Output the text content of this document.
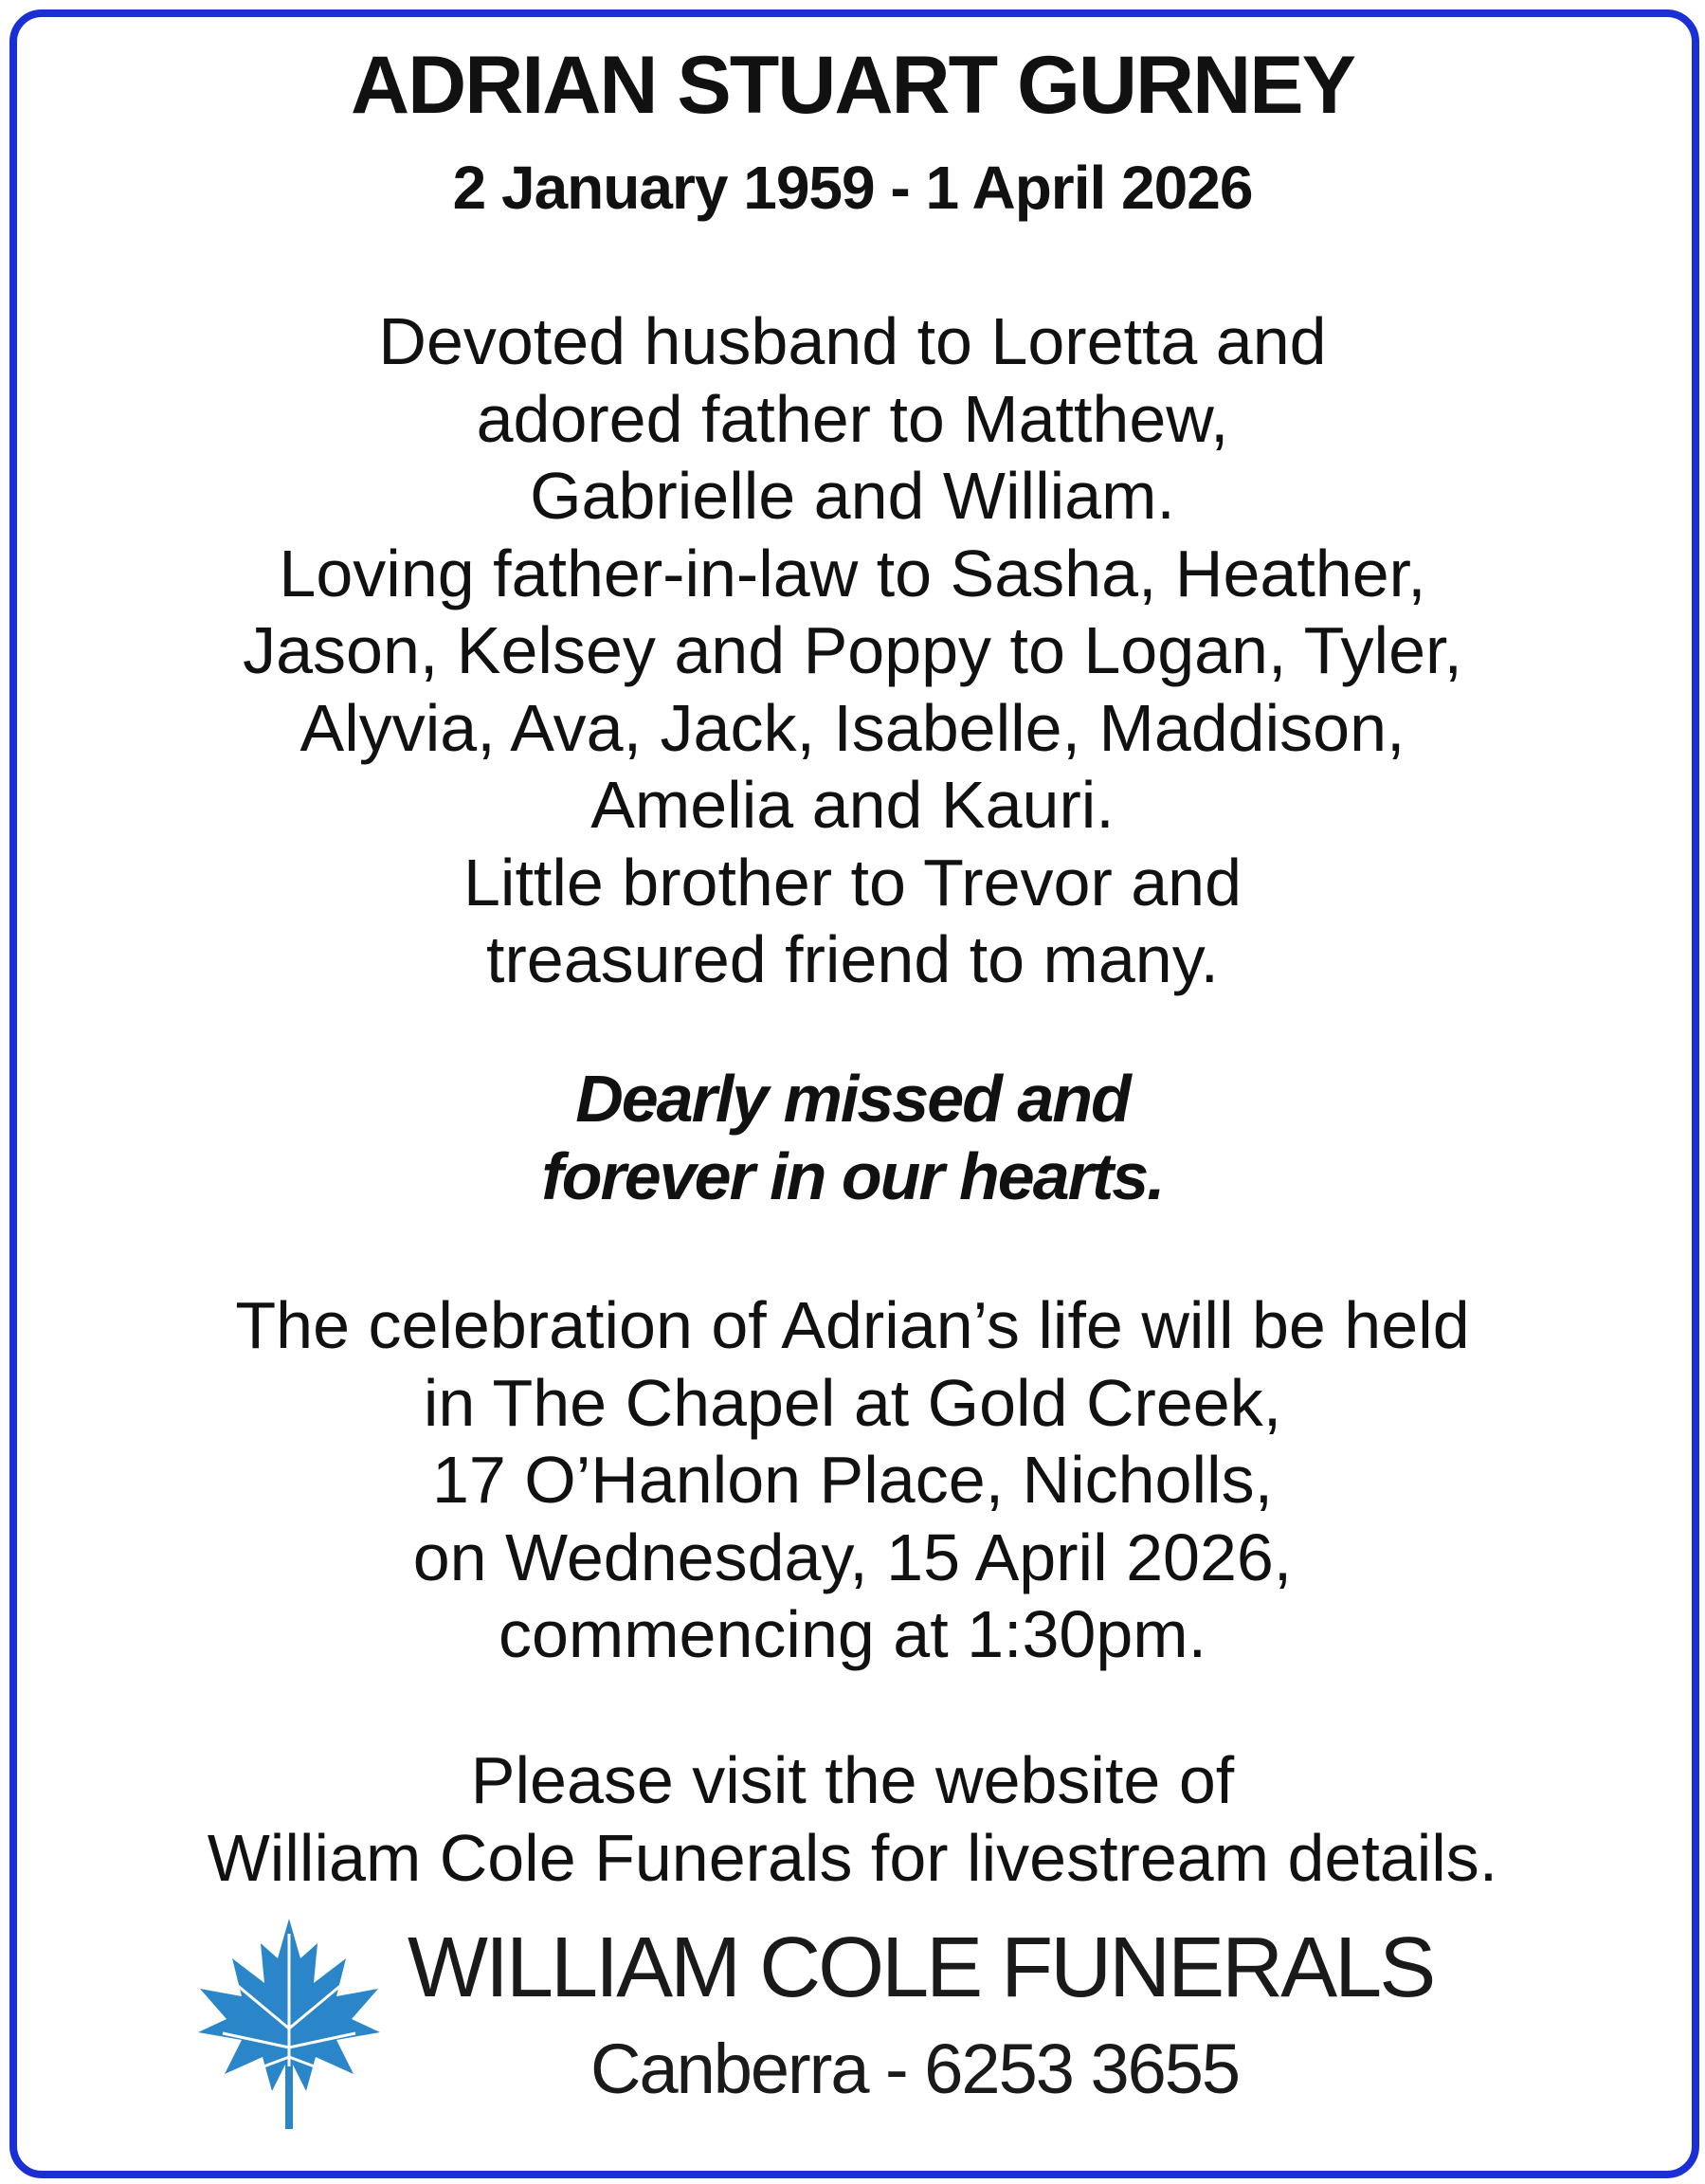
ADRIAN STUART GURNEY
2 January 1959 - 1 April 2026
Devoted husband to Loretta and
adored father to Matthew,
Gabrielle and William.
Loving father-in-law to Sasha, Heather,
Jason, Kelsey and Poppy to Logan, Tyler,
Alyvia, Ava, Jack, Isabelle, Maddison,
Amelia and Kauri.
Little brother to Trevor and
treasured friend to many.
Dearly missed and
forever in our hearts.
The celebration of Adrian’s life will be held
in The Chapel at Gold Creek,
17 O’Hanlon Place, Nicholls,
on Wednesday, 15 April 2026,
commencing at 1:30pm.
Please visit the website of
William Cole Funerals for livestream details.
WILLIAM COLE FUNERALS
Canberra - 6253 3655
